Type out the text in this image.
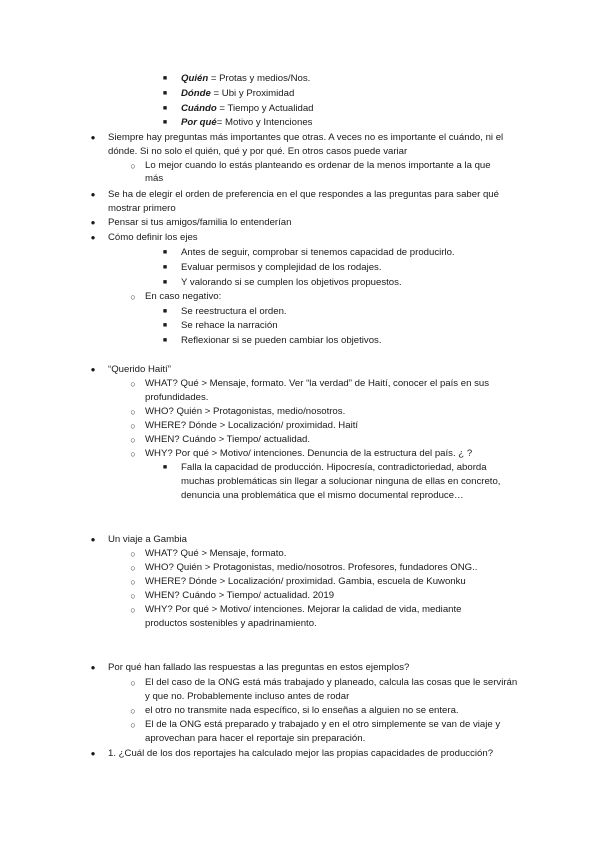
■	Quién = Protas y medios/Nos.
■	Dónde = Ubi y Proximidad
■	Cuándo = Tiempo y Actualidad
■	Por qué= Motivo y Intenciones
● Siempre hay preguntas más importantes que otras. A veces no es importante el cuándo, ni el
dónde. Si no solo el quién, qué y por qué. En otros casos puede variar
○ Lo mejor cuando lo estás planteando es ordenar de la menos importante a la que
más
● Se ha de elegir el orden de preferencia en el que respondes a las preguntas para saber qué
mostrar primero
● Pensar si tus amigos/familia lo entenderían
● Cómo definir los ejes
■	Antes de seguir, comprobar si tenemos capacidad de producirlo.
■	Evaluar permisos y complejidad de los rodajes.
■	Y valorando si se cumplen los objetivos propuestos.
○ En caso negativo:
■	Se reestructura el orden.
■	Se rehace la narración
■	Reflexionar si se pueden cambiar los objetivos.
● “Querido Haití”
○ WHAT? Qué > Mensaje, formato. Ver “la verdad” de Haití, conocer el país en sus
profundidades.
○ WHO? Quién > Protagonistas, medio/nosotros.
○ WHERE? Dónde > Localización/ proximidad. Haití
○ WHEN? Cuándo > Tiempo/ actualidad.
○ WHY? Por qué > Motivo/ intenciones. Denuncia de la estructura del país. ¿ ?
■	Falla la capacidad de producción. Hipocresía, contradictoriedad, aborda
muchas problemáticas sin llegar a solucionar ninguna de ellas en concreto,
denuncia una problemática que el mismo documental reproduce…
● Un viaje a Gambia
○ WHAT? Qué > Mensaje, formato.
○ WHO? Quién > Protagonistas, medio/nosotros. Profesores, fundadores ONG..
○ WHERE? Dónde > Localización/ proximidad. Gambia, escuela de Kuwonku
○ WHEN? Cuándo > Tiempo/ actualidad. 2019
○ WHY? Por qué > Motivo/ intenciones. Mejorar la calidad de vida, mediante
productos sostenibles y apadrinamiento.
● Por qué han fallado las respuestas a las preguntas en estos ejemplos?
○ El del caso de la ONG está más trabajado y planeado, calcula las cosas que le servirán
y que no. Probablemente incluso antes de rodar
○ el otro no transmite nada específico, si lo enseñas a alguien no se entera.
○ El de la ONG está preparado y trabajado y en el otro simplemente se van de viaje y
aprovechan para hacer el reportaje sin preparación.
● 1. ¿Cuál de los dos reportajes ha calculado mejor las propias capacidades de producción?
